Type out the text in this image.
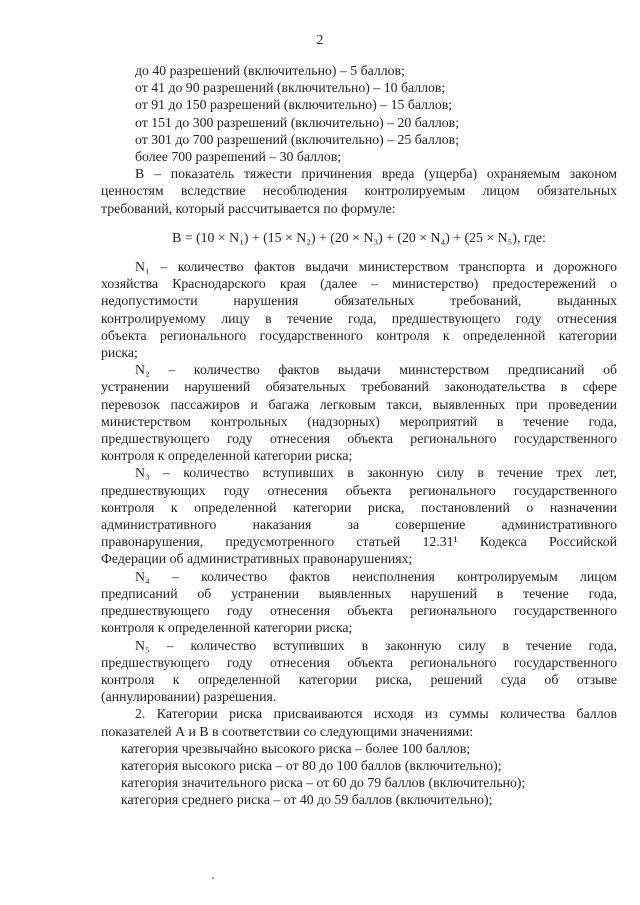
2
до 40 разрешений (включительно) – 5 баллов;
от 41 до 90 разрешений (включительно) – 10 баллов;
от 91 до 150 разрешений (включительно) – 15 баллов;
от 151 до 300 разрешений (включительно) – 20 баллов;
от 301 до 700 разрешений (включительно) – 25 баллов;
более 700 разрешений – 30 баллов;
В – показатель тяжести причинения вреда (ущерба) охраняемым законом
ценностям вследствие несоблюдения контролируемым лицом обязательных
требований, который рассчитывается по формуле:
В = (10 × N₁) + (15 × N₂) + (20 × N₃) + (20 × N₄) + (25 × N₅), где:
N₁ – количество фактов выдачи министерством транспорта и дорожного
хозяйства Краснодарского края (далее – министерство) предостережений о
недопустимости нарушения обязательных требований, выданных
контролируемому лицу в течение года, предшествующего году отнесения
объекта регионального государственного контроля к определенной категории
риска;
N₂ – количество фактов выдачи министерством предписаний об
устранении нарушений обязательных требований законодательства в сфере
перевозок пассажиров и багажа легковым такси, выявленных при проведении
министерством контрольных (надзорных) мероприятий в течение года,
предшествующего году отнесения объекта регионального государственного
контроля к определенной категории риска;
N₃ – количество вступивших в законную силу в течение трех лет,
предшествующих году отнесения объекта регионального государственного
контроля к определенной категории риска, постановлений о назначении
административного наказания за совершение административного
правонарушения, предусмотренного статьей 12.31¹ Кодекса Российской
Федерации об административных правонарушениях;
N₄ – количество фактов неисполнения контролируемым лицом
предписаний об устранении выявленных нарушений в течение года,
предшествующего году отнесения объекта регионального государственного
контроля к определенной категории риска;
N₅ – количество вступивших в законную силу в течение года,
предшествующего году отнесения объекта регионального государственного
контроля к определенной категории риска, решений суда об отзыве
(аннулировании) разрешения.
2. Категории риска присваиваются исходя из суммы количества баллов
показателей А и В в соответствии со следующими значениями:
категория чрезвычайно высокого риска – более 100 баллов;
категория высокого риска – от 80 до 100 баллов (включительно);
категория значительного риска – от 60 до 79 баллов (включительно);
категория среднего риска – от 40 до 59 баллов (включительно);
